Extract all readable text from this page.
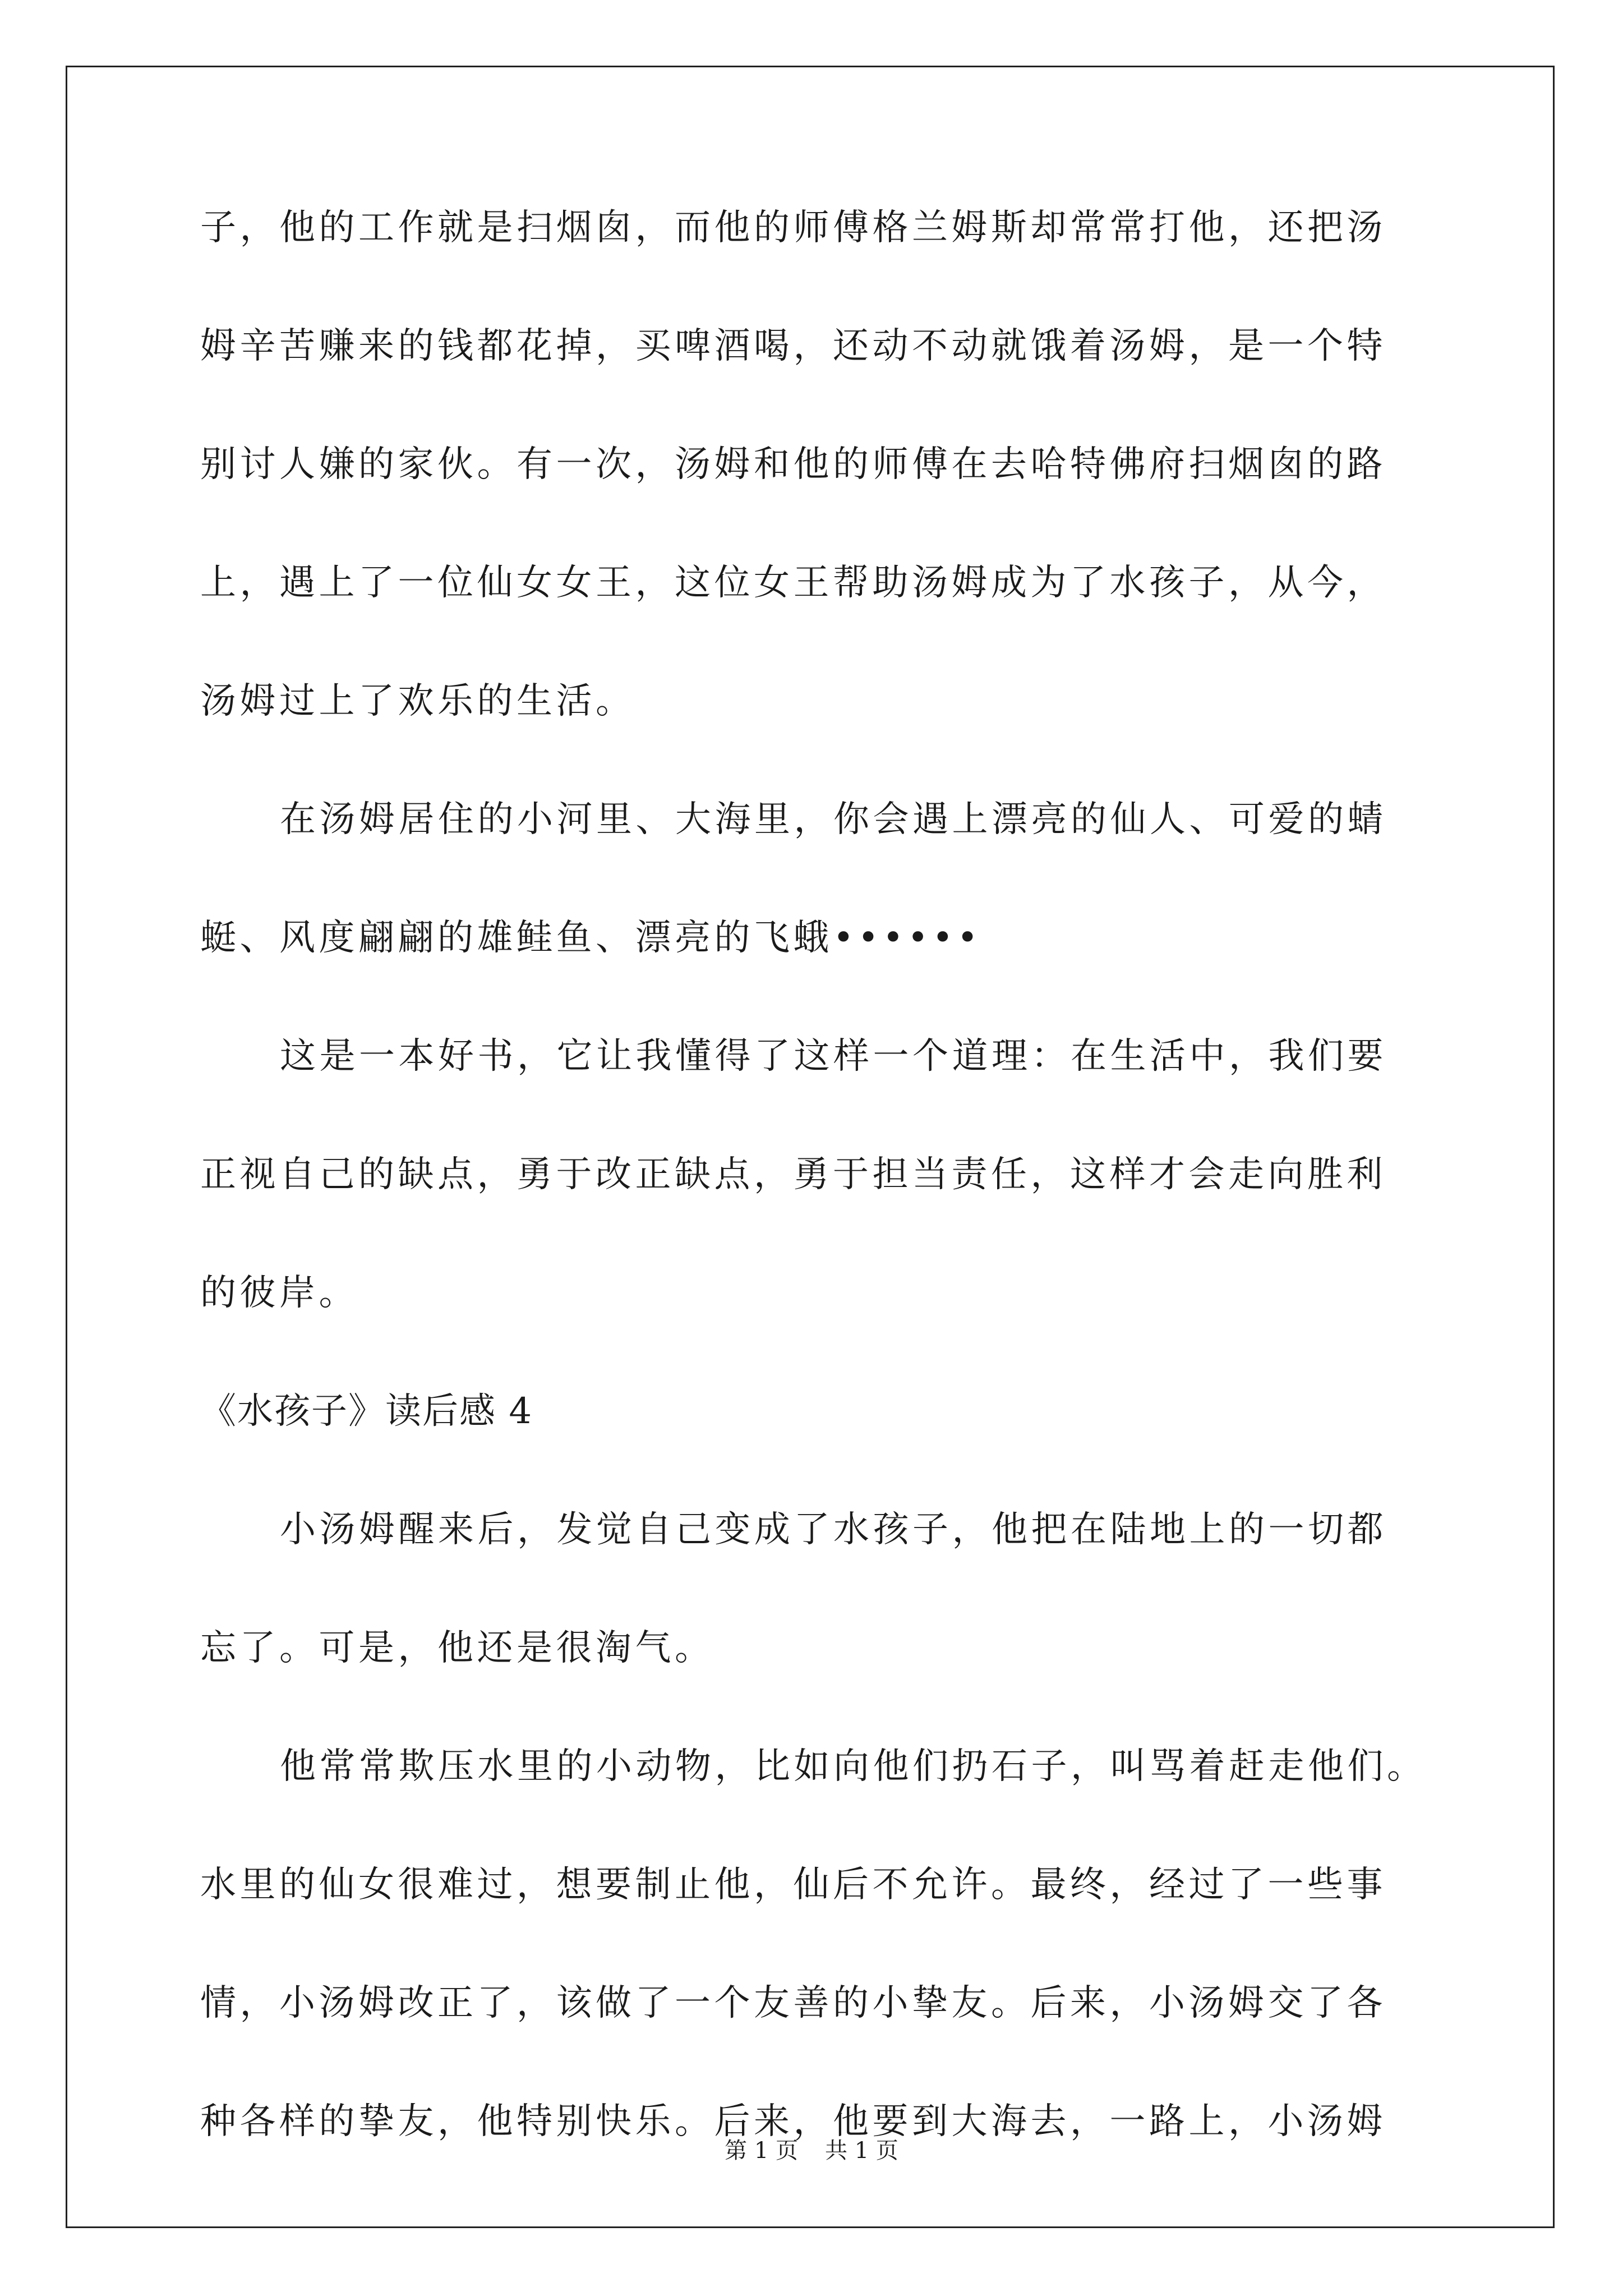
子，他的工作就是扫烟囱，而他的师傅格兰姆斯却常常打他，还把汤
姆辛苦赚来的钱都花掉，买啤酒喝，还动不动就饿着汤姆，是一个特
别讨人嫌的家伙。有一次，汤姆和他的师傅在去哈特佛府扫烟囱的路
上，遇上了一位仙女女王，这位女王帮助汤姆成为了水孩子，从今，
汤姆过上了欢乐的生活。
在汤姆居住的小河里、大海里，你会遇上漂亮的仙人、可爱的蜻
蜓、风度翩翩的雄鲑鱼、漂亮的飞蛾••••••
这是一本好书，它让我懂得了这样一个道理：在生活中，我们要
正视自己的缺点，勇于改正缺点，勇于担当责任，这样才会走向胜利
的彼岸。
《水孩子》读后感 4
小汤姆醒来后，发觉自己变成了水孩子，他把在陆地上的一切都
忘了。可是，他还是很淘气。
他常常欺压水里的小动物，比如向他们扔石子，叫骂着赶走他们。
水里的仙女很难过，想要制止他，仙后不允许。最终，经过了一些事
情，小汤姆改正了，该做了一个友善的小挚友。后来，小汤姆交了各
种各样的挚友，他特别快乐。后来，他要到大海去，一路上，小汤姆
第 1 页 共 1 页
